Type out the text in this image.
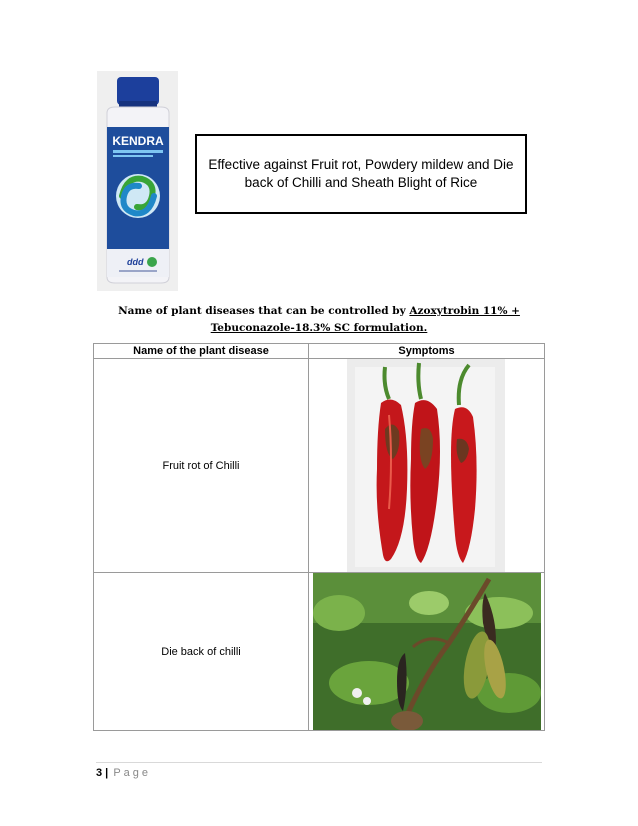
KENDRA
ddd
Effective against Fruit rot, Powdery mildew and Die back of Chilli and Sheath Blight of Rice
Name of plant diseases that can be controlled by Azoxytrobin 11% + Tebuconazole-18.3% SC formulation.
Name of the plant disease	Symptoms
Fruit rot of Chilli	

Die back of chilli	
3 | Page
